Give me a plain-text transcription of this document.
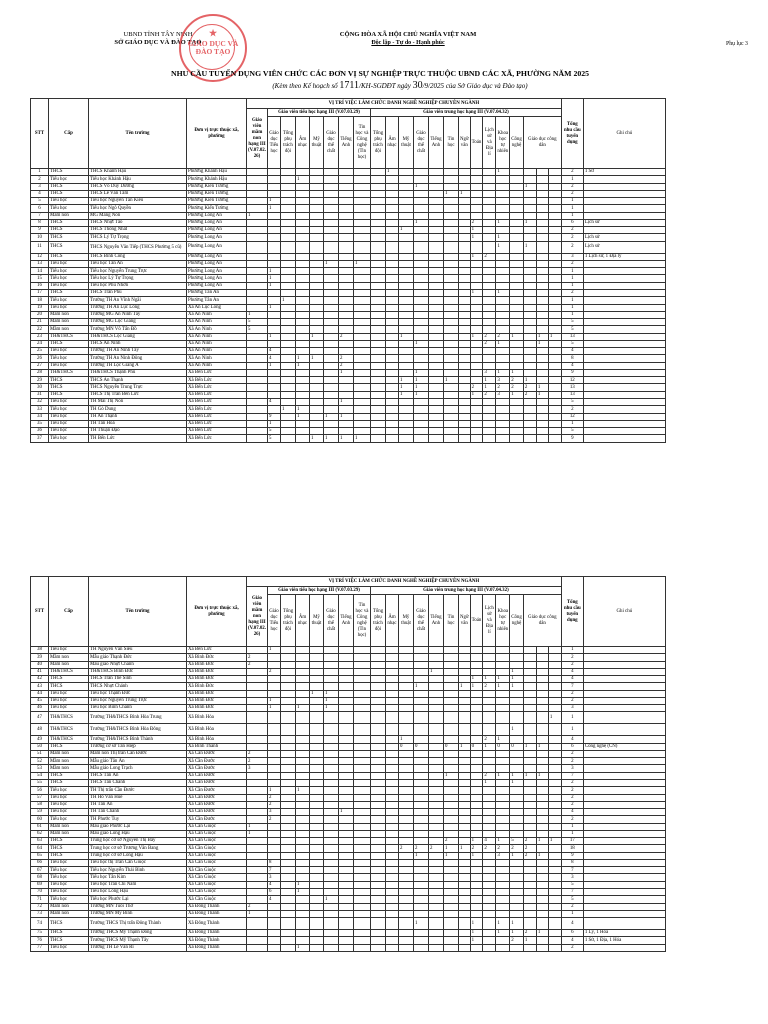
UBND TỈNH TÂY NINH
SỞ GIÁO DỤC VÀ ĐÀO TẠO
★
GIÁO DỤC VÀ ĐÀO TẠO
CỘNG HÒA XÃ HỘI CHỦ NGHĨA VIỆT NAM
Độc lập - Tự do - Hạnh phúc	Phụ lục 3
NHU CẦU TUYỂN DỤNG VIÊN CHỨC CÁC ĐƠN VỊ SỰ NGHIỆP TRỰC THUỘC UBND CÁC XÃ, PHƯỜNG NĂM 2025
(Kèm theo Kế hoạch số 1711/KH-SGDĐT ngày 30/9/2025 của Sở Giáo dục và Đào tạo)
STT	Cấp	Tên trường	Đơn vị trực thuộc xã, phường	VỊ TRÍ VIỆC LÀM CHỨC DANH NGHỀ NGHIỆP CHUYÊN NGÀNH																						Tổng nhu cầu tuyển dụng	Ghi chú
				Giáo viên mầm non hạng III (V.07.02. 26)	Giáo viên tiểu học hạng III (V.07.03.29)							Giáo viên trung học hạng III (V.07.04.32)															
					Giáo dục Tiểu học	Tổng phụ trách đội	Âm nhạc	Mỹ thuật	Giáo dục thể chất	Tiếng Anh	Tin học và Công nghệ (Tin học)	Tổng phụ trách đội	Âm nhạc	Mỹ thuật	Giáo dục thể chất	Tiếng Anh	Tin học	Ngữ văn	Toán	Lịch sử và Địa lí	Khoa học tự nhiên	Công nghệ	Giáo dục công dân				
1	THCS	THCS Khánh Hậu	Phường Khánh Hậu										1								1					2	1 Sử
2	Tiểu học	Tiểu học Khánh Hậu	Phường Khánh Hậu				1																			1	
3	THCS	THCS Võ Duy Dương	Phường Kiến Tường												1								1			2	
4	THCS	THCS Lê Văn Tám	Phường Kiến Tường														1	1								2	
5	Tiểu học	Tiểu học Nguyễn Tấn Kiều	Phường Kiến Tường		1																					1	
6	Tiểu học	Tiểu học Ngô Quyền	Phường Kiến Tường		1																					1	
7	Mầm non	MG Măng Non	Phường Long An	1																						1	
8	THCS	THCS Nhựt Tảo	Phường Long An												1				2		1		1			6	Lịch sử
9	THCS	THCS Thống Nhất	Phường Long An											1					1							2	
10	THCS	THCS Lý Tự Trọng	Phường Long An																1		1					2	Lịch sử
11	THCS	THCS Nguyễn Văn Tiếp (THCS Phường 5 cũ)	Phường Long An																		1		1			2	Lịch sử
12	THCS	THCS Bình Công	Phường Long An																1	2						3	1 Lịch sử, 1 Địa lý
13	Tiểu học	Tiểu học Tân An	Phường Long An						1		1															2	
14	Tiểu học	Tiểu học Nguyễn Trung Trực	Phường Long An		1																					1	
15	Tiểu học	Tiểu học Lý Tự Trọng	Phường Long An		1																					1	
16	Tiểu học	Tiểu học Phú Nhơn	Phường Long An		1																					1	
17	THCS	THCS Trần Phú	Phường Tân An																1		1					2	
18	Tiểu học	Trường TH An Vĩnh Ngãi	Phường Tân An			1																				1	
19	Tiểu học	Trường TH An Lục Long	Xã An Lục Long		1																					1	
20	Mầm non	Trường MG An Ninh Tây	Xã An Ninh	1																						1	
21	Mầm non	Trường MG Lộc Giang	Xã An Ninh	5																						5	
22	Mầm non	Trường MN Võ Tấn Đồ	Xã An Ninh	5																						5	
23	TH&THCS	TH&THCS Lộc Giang	Xã An Ninh		1			1		2				1					1	2	2	1		1	1	13	
24	THCS	THCS An Ninh	Xã An Ninh												1					2	1			1		5	
25	Tiểu học	Trường TH An Ninh Tây	Xã An Ninh		4																					4	
26	Tiểu học	Trường TH An Ninh Đông	Xã An Ninh		4		1	1		2																8	
27	Tiểu học	Trường TH Lộc Giang A	Xã An Ninh		1		1			2																4	
28	TH&THCS	TH&THCS Thạnh Phú	Xã Bến Lức							1					1					3	1	1				9	
29	THCS	THCS An Thạnh	Xã Bến Lức											1	1		1			1	3	2	1			12	
30	THCS	THCS Nguyễn Trung Trực	Xã Bến Lức											1	1				2	1	2	2	2	1		13	
31	THCS	THCS Thị Trấn Bến Lức	Xã Bến Lức											1	1				1	2	3	1	2	1		13	
32	Tiểu học	TH Mai Thị Non	Xã Bến Lức		4					1																5	
33	Tiểu học	TH Gò Dung	Xã Bến Lức			1	1																			2	
34	Tiểu học	TH An Thạnh	Xã Bến Lức		9		1		1	1																12	
35	Tiểu học	TH Tân Hoà	Xã Bến Lức		1																					1	
36	Tiểu học	TH Thuận Đạo	Xã Bến Lức		5																					5	
37	Tiểu học	TH Bến Lức	Xã Bến Lức		5			1	1	1	1															9	
STT	Cấp	Tên trường	Đơn vị trực thuộc xã, phường	VỊ TRÍ VIỆC LÀM CHỨC DANH NGHỀ NGHIỆP CHUYÊN NGÀNH																						Tổng nhu cầu tuyển dụng	Ghi chú
				Giáo viên mầm non hạng III (V.07.02. 26)	Giáo viên tiểu học hạng III (V.07.03.29)							Giáo viên trung học hạng III (V.07.04.32)															
					Giáo dục Tiểu học	Tổng phụ trách đội	Âm nhạc	Mỹ thuật	Giáo dục thể chất	Tiếng Anh	Tin học và Công nghệ (Tin học)	Tổng phụ trách đội	Âm nhạc	Mỹ thuật	Giáo dục thể chất	Tiếng Anh	Tin học	Ngữ văn	Toán	Lịch sử và Địa lí	Khoa học tự nhiên	Công nghệ	Giáo dục công dân				
38	Tiểu học	TH Nguyễn Văn Siêu	Xã Bến Lức		1																					1	
39	Mầm non	Mẫu giáo Thạnh Đức	Xã Bình Đức	2																						2	
40	Mầm non	Mẫu giáo Nhựt Chánh	Xã Bình Đức	2																						2	
41	TH&THCS	TH&THCS Bình Đức	Xã Bình Đức		2											1						1				4	
42	THCS	THCS Trần Thế Sinh	Xã Bình Đức																1	1	1	1				4	
43	THCS	THCS Nhựt Chánh	Xã Bình Đức												1			1	1	2	1	1				7	
44	Tiểu học	Tiểu học Thạnh Đức	Xã Bình Đức					1	1																	2	
45	Tiểu học	Tiểu học Nguyễn Trung Trực	Xã Bình Đức		1				1																	2	
46	Tiểu học	Tiểu học Bình Chánh	Xã Bình Đức		1		1		1																	3	
47	TH&THCS	Trường TH&THCS Bình Hòa Trung	Xã Bình Hòa																						1	1	
48	TH&THCS	Trường TH&THCS Bình Hòa Đông	Xã Bình Hòa																			1				1	
49	TH&THCS	Trường TH&THCS Bình Thành	Xã Bình Hòa											1						2	1					4	
50	THCS	Trường cơ sở Tân Hiệp	Xã Bình Thành											0	0		0	1	0	1	0	0	1	1		6	Công nghệ (CN)
51	Mầm non	Mầm non Thị trấn Cần Đước	Xã Cần Đước	2																						2	
52	Mầm non	Mẫu giáo Tân Ân	Xã Cần Đước	2																						2	
53	Mầm non	Mẫu giáo Long Trạch	Xã Cần Đước	3																						3	
54	THCS	THCS Tân Ân	Xã Cần Đước														1			2	1	1	1	1		7	
55	THCS	THCS Tân Chánh	Xã Cần Đước																	1		1				2	
56	Tiểu học	TH Thị trấn Cần Đước	Xã Cần Đước		1		1																			2	
57	Tiểu học	TH Hồ Văn Huê	Xã Cần Đước		2																					2	
58	Tiểu học	TH Tân Ân	Xã Cần Đước		2																					2	
59	Tiểu học	TH Tân Chánh	Xã Cần Đước		3					1																4	
60	Tiểu học	TH Phước Tuy	Xã Cần Đước		2																					2	
61	Mầm non	Mẫu giáo Phước Lại	Xã Cần Giuộc	1																						1	
62	Mầm non	Mẫu giáo Long Hậu	Xã Cần Giuộc	1																						1	
63	THCS	Trung học cơ sở Nguyễn Thị Bảy	Xã Cần Giuộc														2		1	4	1	5	2	1	1	17	
64	THCS	Trung học cơ sở Trương Văn Bang	Xã Cần Giuộc											2	2	2	1	1	2	2	2	2	2			18	
65	THCS	Trung học cơ sở Long Hậu	Xã Cần Giuộc												1		1		1		3	1	2	1		9	
66	Tiểu học	Tiểu học thị Trấn Cần Giuộc	Xã Cần Giuộc		8																					8	
67	Tiểu học	Tiểu học Nguyễn Thái Bình	Xã Cần Giuộc		7																					7	
68	Tiểu học	Tiểu học Tân Kim	Xã Cần Giuộc		3																					3	
69	Tiểu học	Tiểu học Trần Chí Nam	Xã Cần Giuộc		4		1																			5	
70	Tiểu học	Tiểu học Long Hậu	Xã Cần Giuộc		6		1																			7	
71	Tiểu học	Tiểu học Phước Lại	Xã Cần Giuộc		4				1																	5	
72	Mầm non	Trường MN Tuổi Thơ	Xã Đông Thành	2																						2	
73	Mầm non	Trường MN Mỹ Bình	Xã Đông Thành	1																						1	
74	THCS	Trường THCS Thị trấn Đông Thành	Xã Đông Thành												1				1		1	1				4	
75	THCS	Trường THCS Mỹ Thạnh Đông	Xã Đông Thành																1		1	1	2	1		6	1 Lý, 1 Hóa
76	THCS	Trường THCS Mỹ Thạnh Tây	Xã Đông Thành																1			2	1			4	1 Sử, 1 Địa, 1 Hóa
77	Tiểu học	Trường TH Lê Văn Rỉ	Xã Đông Thành				1																			2	
